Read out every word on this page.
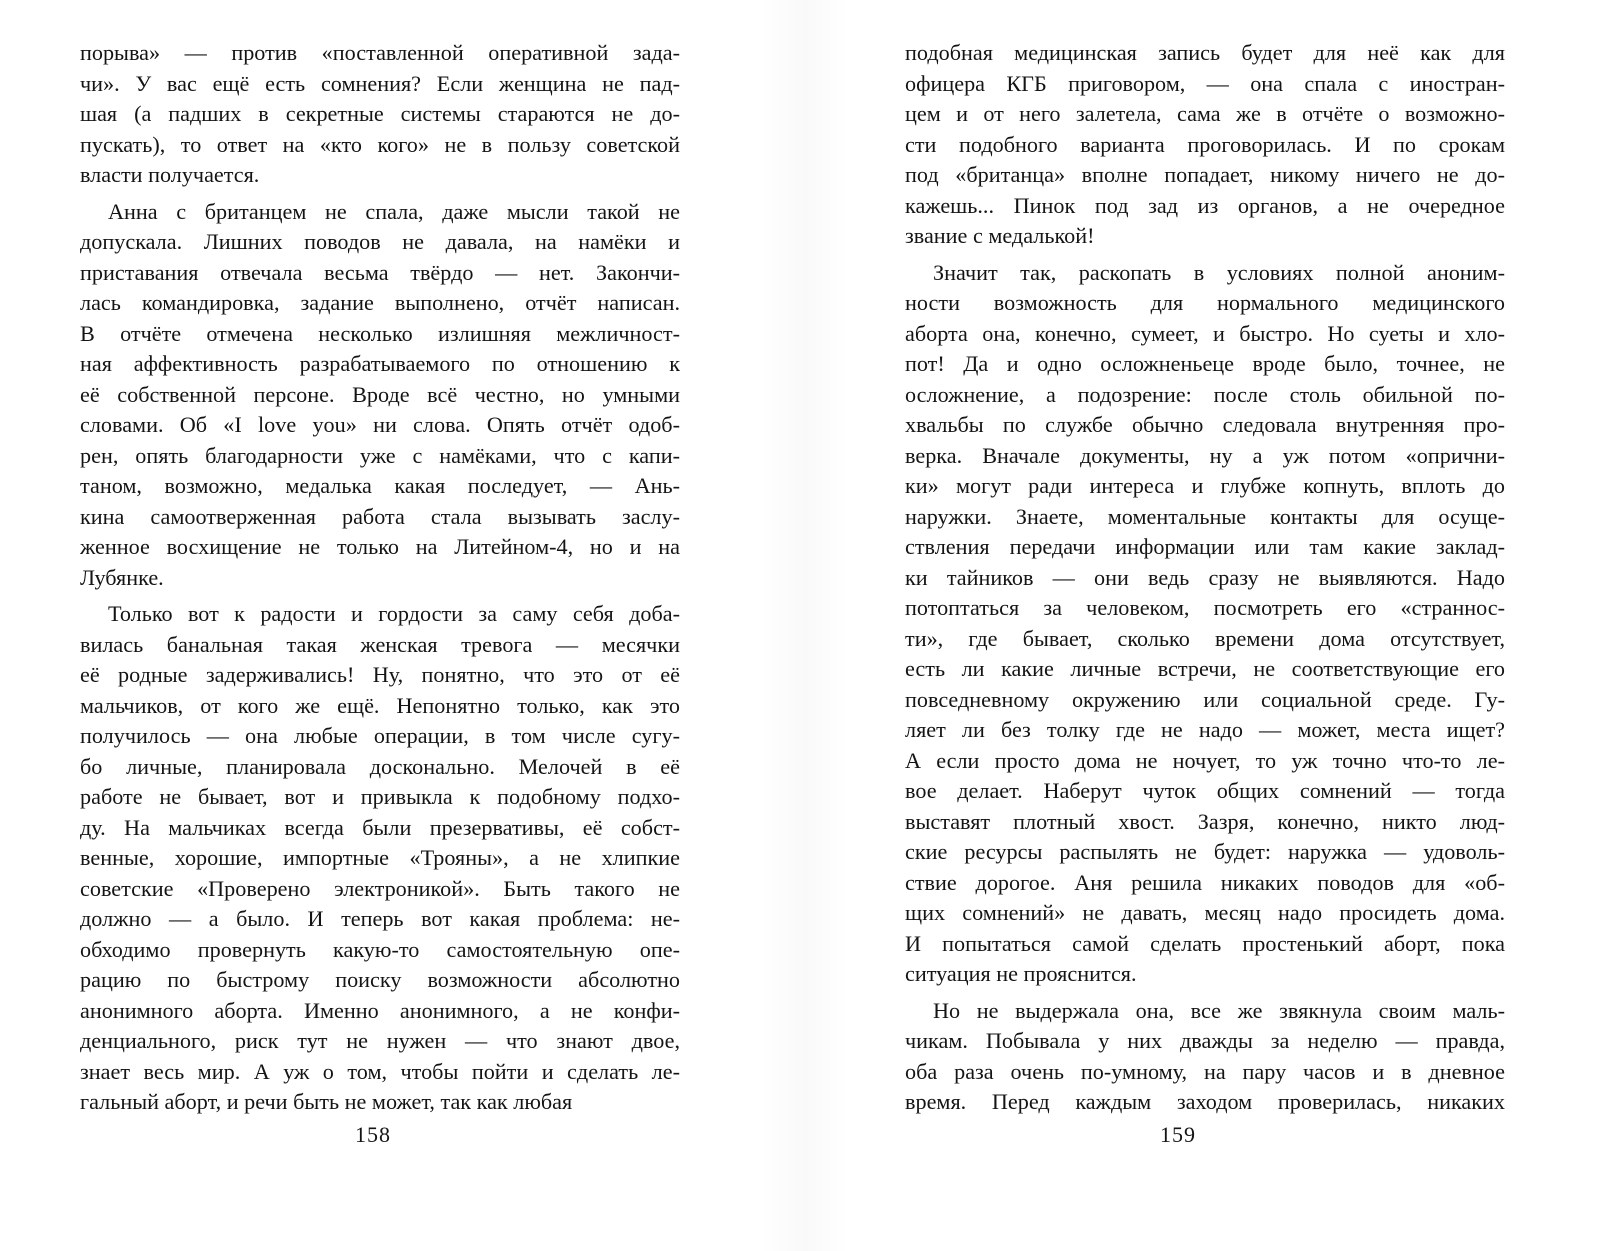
порыва» — против «поставленной оперативной зада-
чи». У вас ещё есть сомнения? Если женщина не пад-
шая (а падших в секретные системы стараются не до-
пускать), то ответ на «кто кого» не в пользу советской
власти получается.
Анна с британцем не спала, даже мысли такой не
допускала. Лишних поводов не давала, на намёки и
приставания отвечала весьма твёрдо — нет. Закончи-
лась командировка, задание выполнено, отчёт написан.
В отчёте отмечена несколько излишняя межличност-
ная аффективность разрабатываемого по отношению к
её собственной персоне. Вроде всё честно, но умными
словами. Об «I love you» ни слова. Опять отчёт одоб-
рен, опять благодарности уже с намёками, что с капи-
таном, возможно, медалька какая последует, — Ань-
кина самоотверженная работа стала вызывать заслу-
женное восхищение не только на Литейном-4, но и на
Лубянке.
Только вот к радости и гордости за саму себя доба-
вилась банальная такая женская тревога — месячки
её родные задерживались! Ну, понятно, что это от её
мальчиков, от кого же ещё. Непонятно только, как это
получилось — она любые операции, в том числе сугу-
бо личные, планировала досконально. Мелочей в её
работе не бывает, вот и привыкла к подобному подхо-
ду. На мальчиках всегда были презервативы, её собст-
венные, хорошие, импортные «Трояны», а не хлипкие
советские «Проверено электроникой». Быть такого не
должно — а было. И теперь вот какая проблема: не-
обходимо провернуть какую-то самостоятельную опе-
рацию по быстрому поиску возможности абсолютно
анонимного аборта. Именно анонимного, а не конфи-
денциального, риск тут не нужен — что знают двое,
знает весь мир. А уж о том, чтобы пойти и сделать ле-
гальный аборт, и речи быть не может, так как любая
158
подобная медицинская запись будет для неё как для
офицера КГБ приговором, — она спала с иностран-
цем и от него залетела, сама же в отчёте о возможно-
сти подобного варианта проговорилась. И по срокам
под «британца» вполне попадает, никому ничего не до-
кажешь... Пинок под зад из органов, а не очередное
звание с медалькой!
Значит так, раскопать в условиях полной аноним-
ности возможность для нормального медицинского
аборта она, конечно, сумеет, и быстро. Но суеты и хло-
пот! Да и одно осложненьеце вроде было, точнее, не
осложнение, а подозрение: после столь обильной по-
хвальбы по службе обычно следовала внутренняя про-
верка. Вначале документы, ну а уж потом «опрични-
ки» могут ради интереса и глубже копнуть, вплоть до
наружки. Знаете, моментальные контакты для осуще-
ствления передачи информации или там какие заклад-
ки тайников — они ведь сразу не выявляются. Надо
потоптаться за человеком, посмотреть его «страннос-
ти», где бывает, сколько времени дома отсутствует,
есть ли какие личные встречи, не соответствующие его
повседневному окружению или социальной среде. Гу-
ляет ли без толку где не надо — может, места ищет?
А если просто дома не ночует, то уж точно что-то ле-
вое делает. Наберут чуток общих сомнений — тогда
выставят плотный хвост. Зазря, конечно, никто люд-
ские ресурсы распылять не будет: наружка — удоволь-
ствие дорогое. Аня решила никаких поводов для «об-
щих сомнений» не давать, месяц надо просидеть дома.
И попытаться самой сделать простенький аборт, пока
ситуация не прояснится.
Но не выдержала она, все же звякнула своим маль-
чикам. Побывала у них дважды за неделю — правда,
оба раза очень по-умному, на пару часов и в дневное
время. Перед каждым заходом проверилась, никаких
159
